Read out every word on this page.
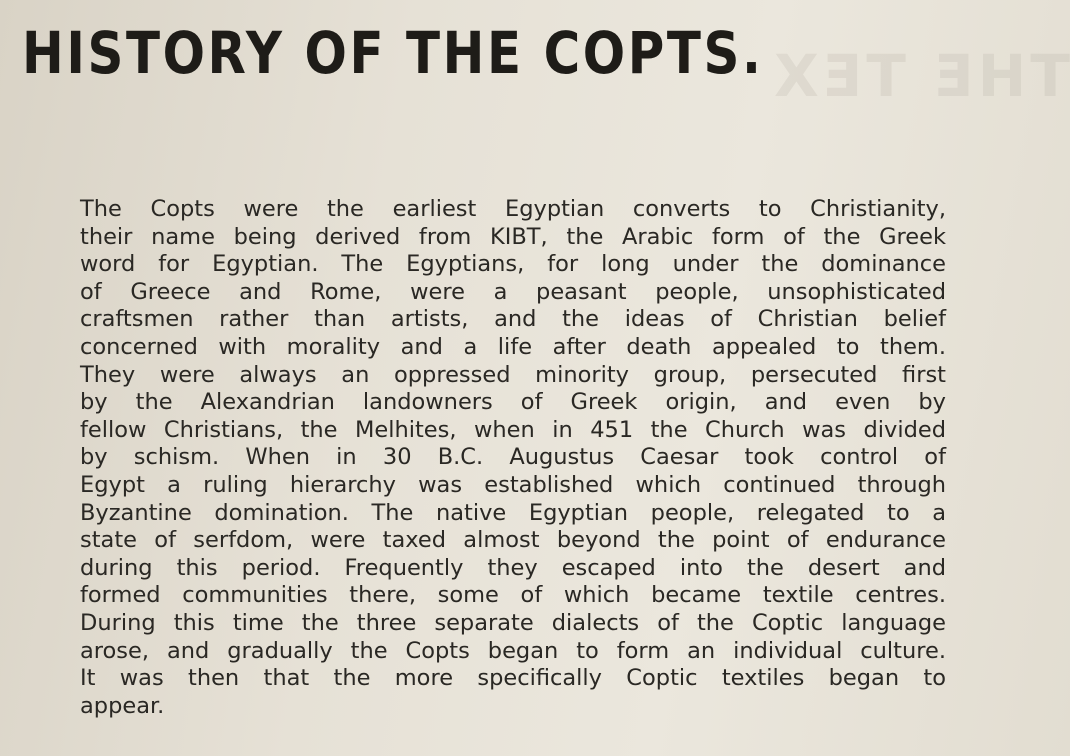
THE TEX
HISTORY OF THE COPTS.
The Copts were the earliest Egyptian converts to Christianity,
their name being derived from KIBT, the Arabic form of the Greek
word for Egyptian. The Egyptians, for long under the dominance
of Greece and Rome, were a peasant people, unsophisticated
craftsmen rather than artists, and the ideas of Christian belief
concerned with morality and a life after death appealed to them.
They were always an oppressed minority group, persecuted first
by the Alexandrian landowners of Greek origin, and even by
fellow Christians, the Melhites, when in 451 the Church was divided
by schism. When in 30 B.C. Augustus Caesar took control of
Egypt a ruling hierarchy was established which continued through
Byzantine domination. The native Egyptian people, relegated to a
state of serfdom, were taxed almost beyond the point of endurance
during this period. Frequently they escaped into the desert and
formed communities there, some of which became textile centres.
During this time the three separate dialects of the Coptic language
arose, and gradually the Copts began to form an individual culture.
It was then that the more specifically Coptic textiles began to
appear.
